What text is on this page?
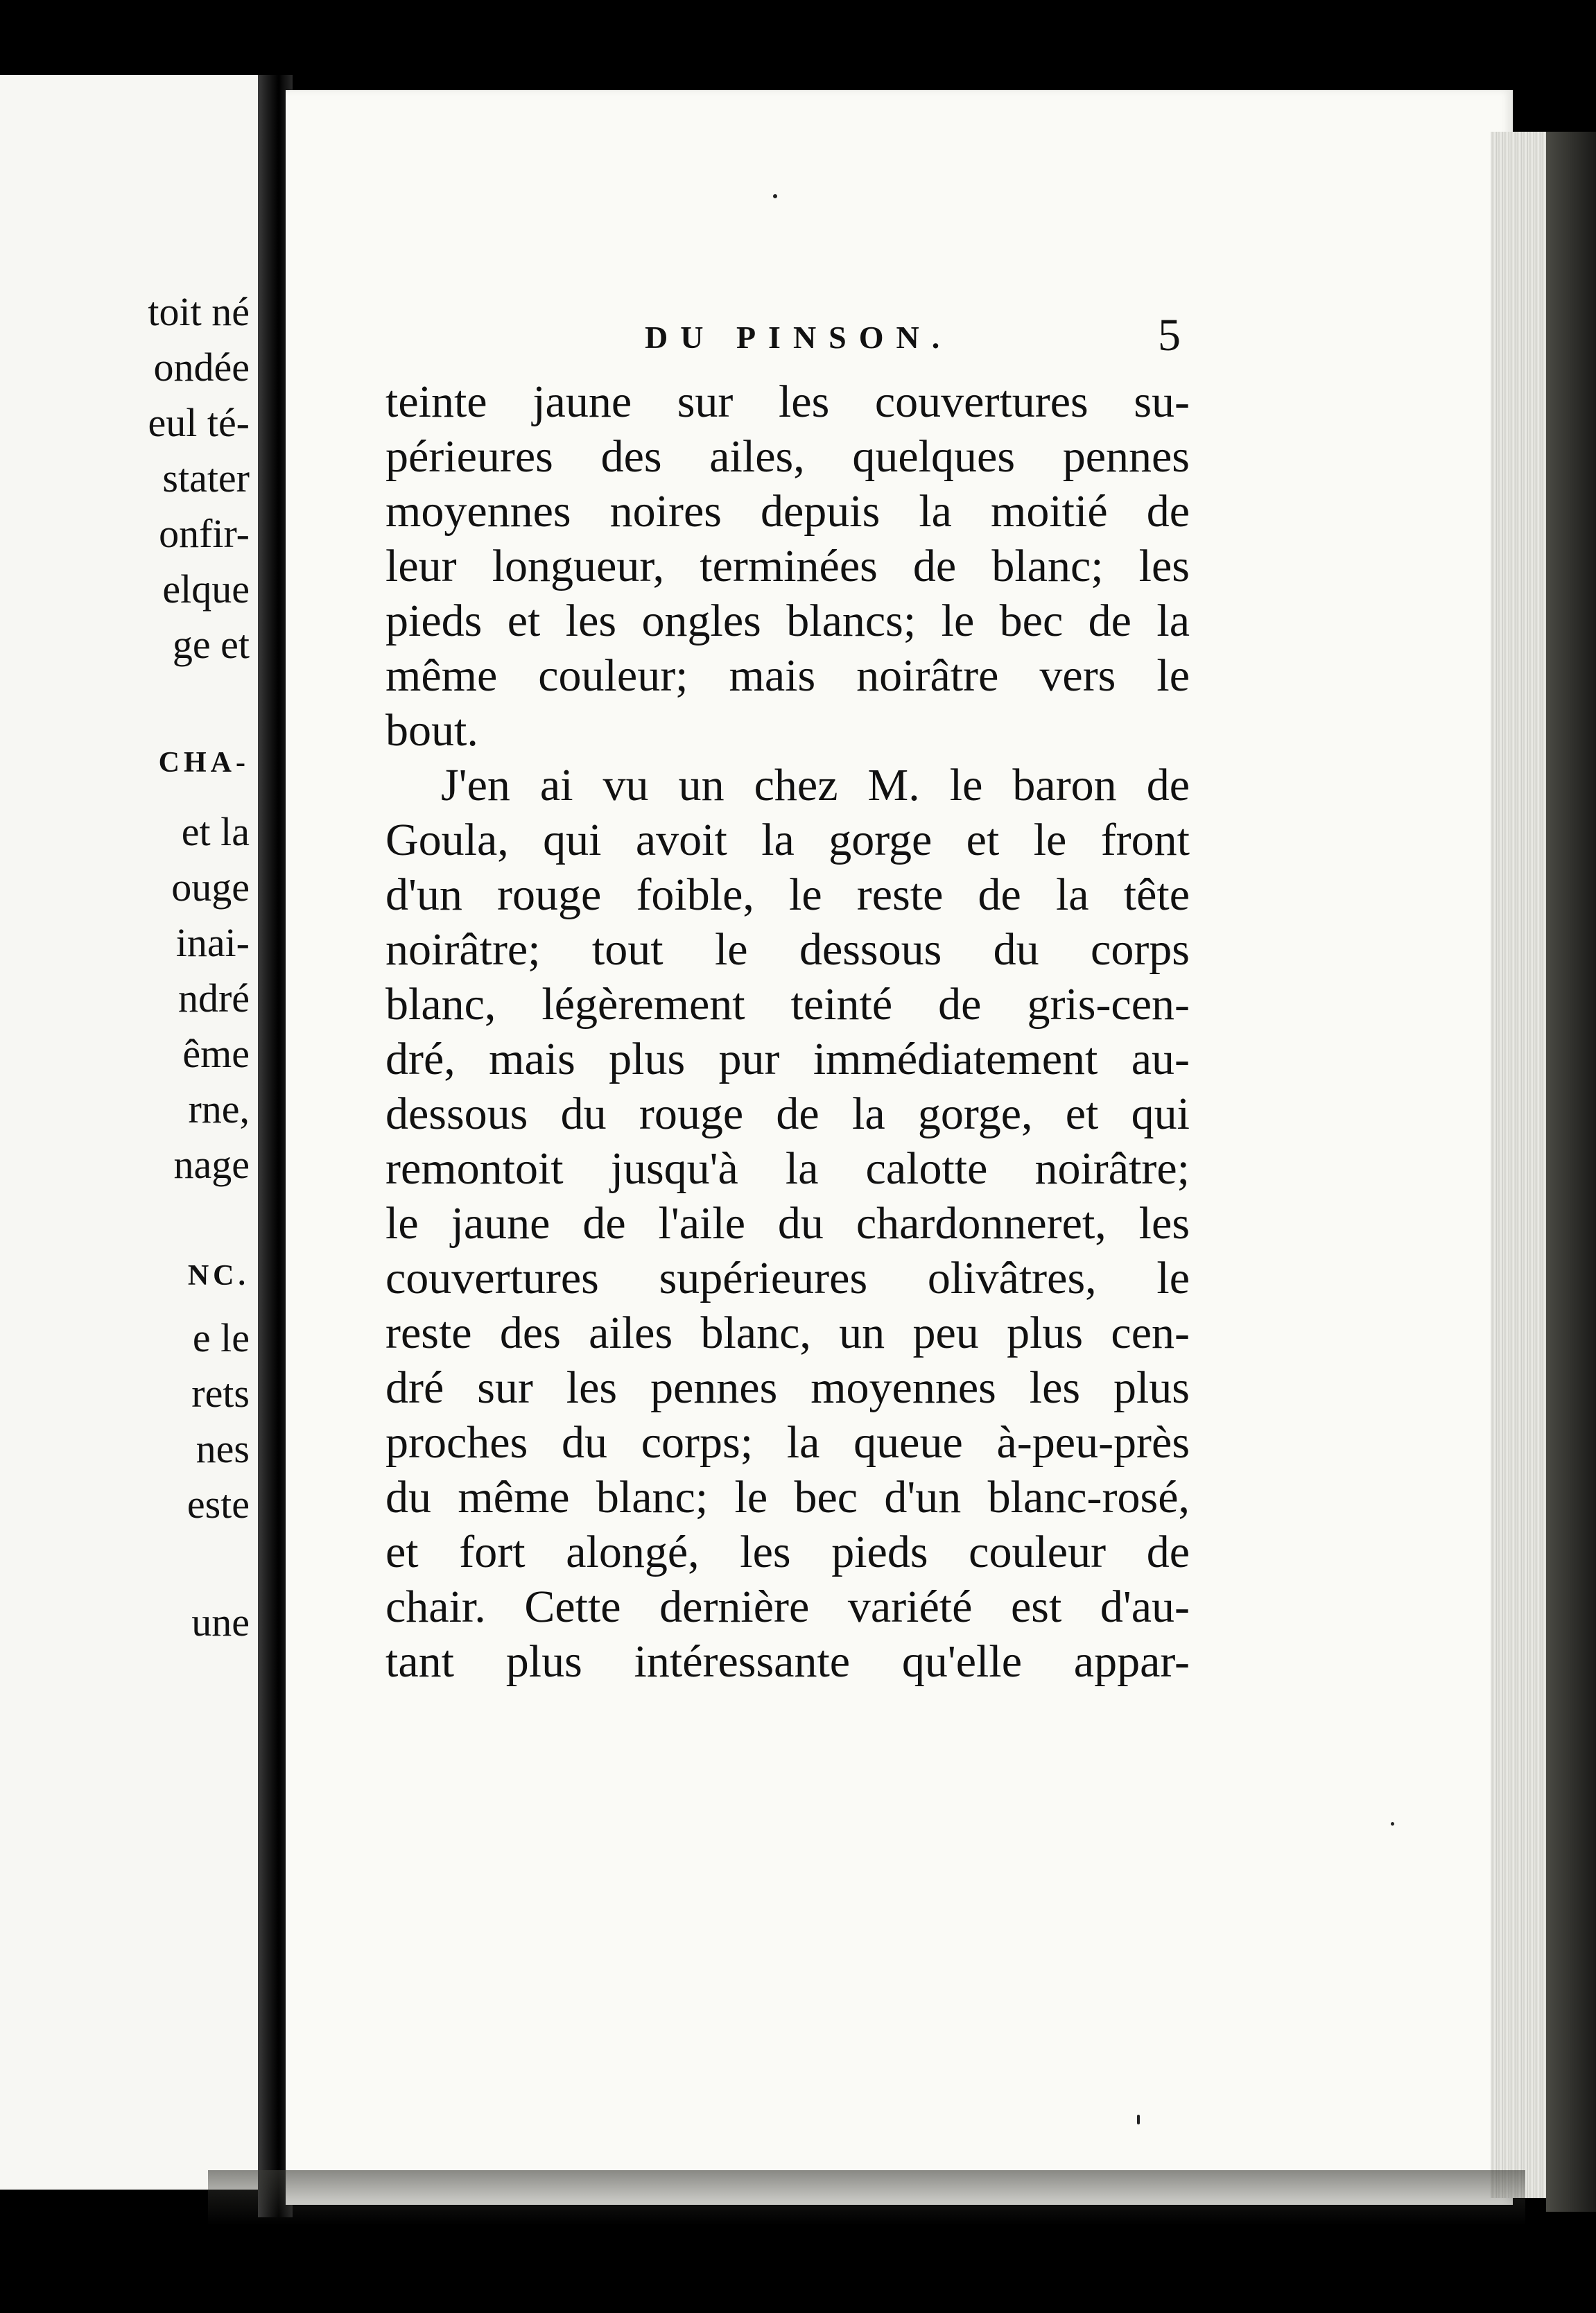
toit né
ondée
eul té-
stater
onfir-
elque
ge et
CHA-
et la
ouge
inai-
ndré
ême
rne,
nage
NC.
e le
rets
nes
este
une
DU PINSON.	5
teinte jaune sur les couvertures su-
périeures des ailes, quelques pennes
moyennes noires depuis la moitié de
leur longueur, terminées de blanc; les
pieds et les ongles blancs; le bec de la
même couleur; mais noirâtre vers le
bout.
J'en ai vu un chez M. le baron de
Goula, qui avoit la gorge et le front
d'un rouge foible, le reste de la tête
noirâtre; tout le dessous du corps
blanc, légèrement teinté de gris-cen-
dré, mais plus pur immédiatement au-
dessous du rouge de la gorge, et qui
remontoit jusqu'à la calotte noirâtre;
le jaune de l'aile du chardonneret, les
couvertures supérieures olivâtres, le
reste des ailes blanc, un peu plus cen-
dré sur les pennes moyennes les plus
proches du corps; la queue à-peu-près
du même blanc; le bec d'un blanc-rosé,
et fort alongé, les pieds couleur de
chair. Cette dernière variété est d'au-
tant plus intéressante qu'elle appar-
